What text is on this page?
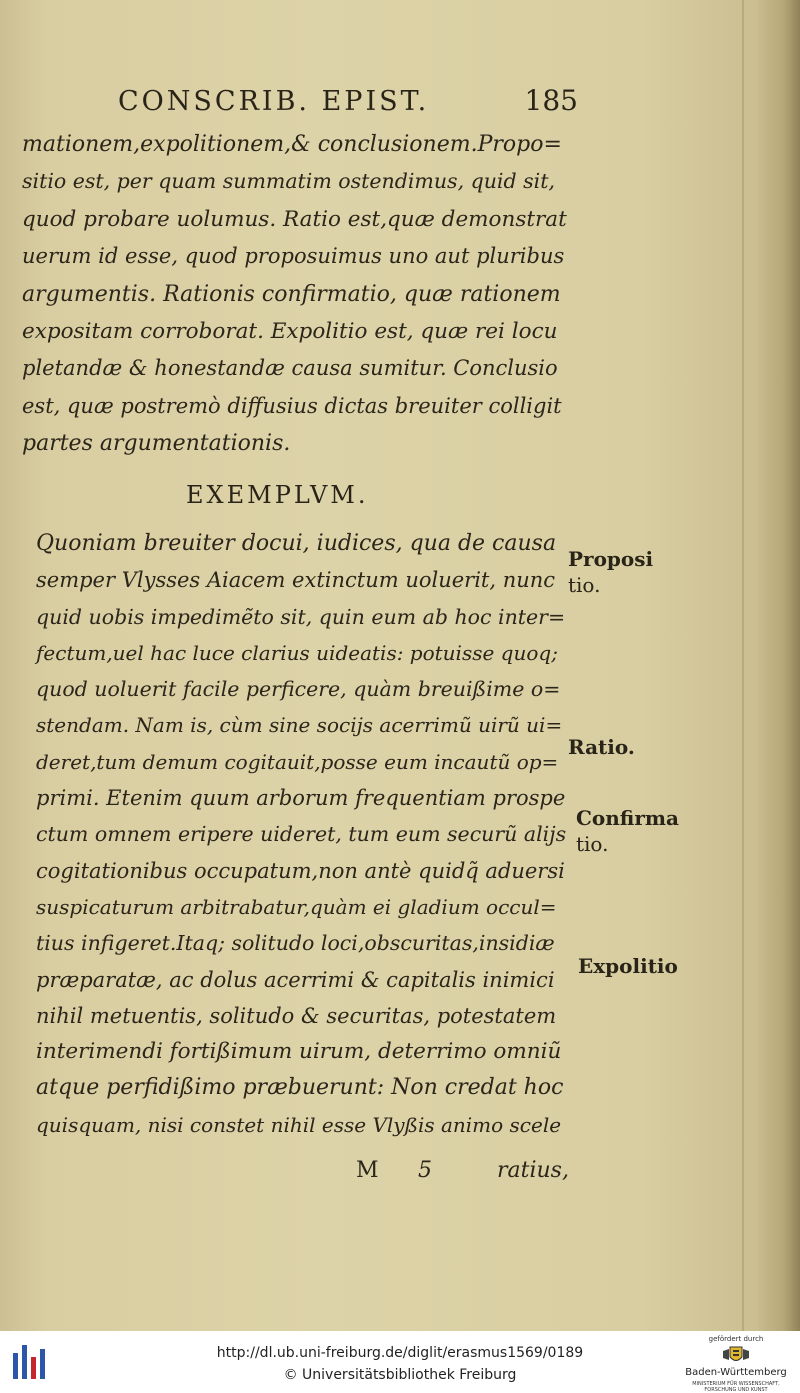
CONSCRIB. EPIST.	185
mationem,expolitionem,& conclusionem.Propo=
sitio est, per quam summatim ostendimus, quid sit,
quod probare uolumus. Ratio est,quæ demonstrat
uerum id esse, quod proposuimus uno aut pluribus
argumentis. Rationis confirmatio, quæ rationem
expositam corroborat. Expolitio est, quæ rei locu
pletandæ & honestandæ causa sumitur. Conclusio
est, quæ postremò diffusius dictas breuiter colligit
partes argumentationis.
EXEMPLVM.
Quoniam breuiter docui, iudices, qua de causa
semper Vlysses Aiacem extinctum uoluerit, nunc
quid uobis impedimẽto sit, quin eum ab hoc inter=
fectum,uel hac luce clarius uideatis: potuisse quoq;
quod uoluerit facile perficere, quàm breuißime o=
stendam. Nam is, cùm sine socijs acerrimũ uirũ ui=
deret,tum demum cogitauit,posse eum incautũ op=
primi. Etenim quum arborum frequentiam prospe
ctum omnem eripere uideret, tum eum securũ alijs
cogitationibus occupatum,non antè quidq̃ aduersi
suspicaturum arbitrabatur,quàm ei gladium occul=
tius infigeret.Itaq; solitudo loci,obscuritas,insidiæ
præparatæ, ac dolus acerrimi & capitalis inimici
nihil metuentis, solitudo & securitas, potestatem
interimendi fortißimum uirum, deterrimo omniũ
atque perfidißimo præbuerunt: Non credat hoc
quisquam, nisi constet nihil esse Vlyßis animo scele
Proposi
tio.
Ratio.
Confirma
tio.
Expolitio
M 5	ratius,
http://dl.ub.uni-freiburg.de/diglit/erasmus1569/0189
© Universitätsbibliothek Freiburg
gefördert durch
Baden-Württemberg
MINISTERIUM FÜR WISSENSCHAFT, FORSCHUNG UND KUNST
